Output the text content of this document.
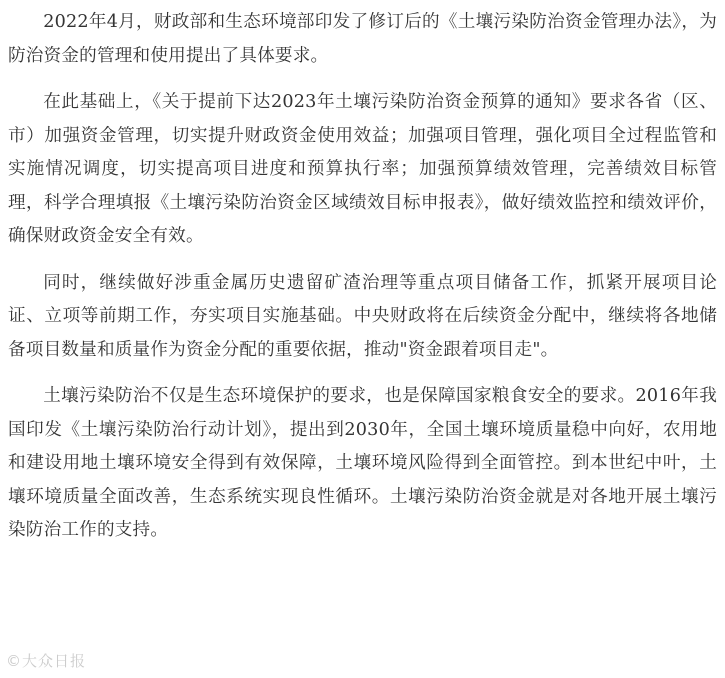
2022年4月，财政部和生态环境部印发了修订后的《土壤污染防治资金管理办法》，为防治资金的管理和使用提出了具体要求。

在此基础上，《关于提前下达2023年土壤污染防治资金预算的通知》要求各省（区、市）加强资金管理，切实提升财政资金使用效益；加强项目管理，强化项目全过程监管和实施情况调度，切实提高项目进度和预算执行率；加强预算绩效管理，完善绩效目标管理，科学合理填报《土壤污染防治资金区域绩效目标申报表》，做好绩效监控和绩效评价，确保财政资金安全有效。

同时，继续做好涉重金属历史遗留矿渣治理等重点项目储备工作，抓紧开展项目论证、立项等前期工作，夯实项目实施基础。中央财政将在后续资金分配中，继续将各地储备项目数量和质量作为资金分配的重要依据，推动"资金跟着项目走"。

土壤污染防治不仅是生态环境保护的要求，也是保障国家粮食安全的要求。2016年我国印发《土壤污染防治行动计划》，提出到2030年，全国土壤环境质量稳中向好，农用地和建设用地土壤环境安全得到有效保障，土壤环境风险得到全面管控。到本世纪中叶，土壤环境质量全面改善，生态系统实现良性循环。土壤污染防治资金就是对各地开展土壤污染防治工作的支持。

©大众日报
